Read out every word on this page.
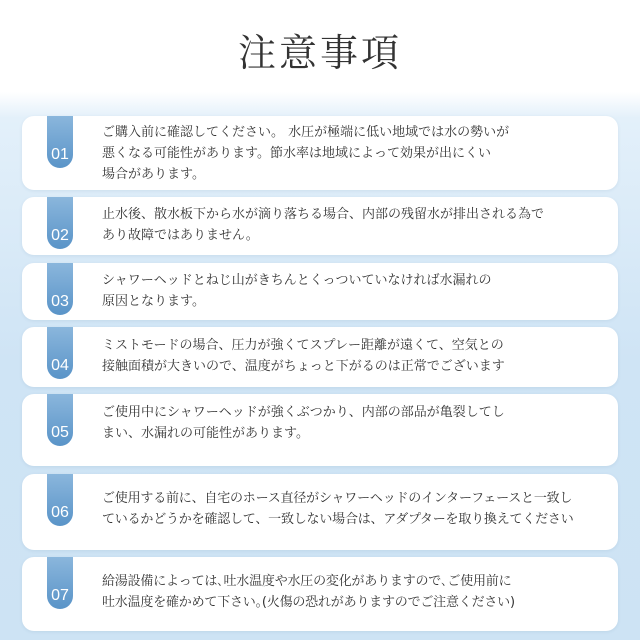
注意事項
01
ご購入前に確認してください。 水圧が極端に低い地域では水の勢いが
悪くなる可能性があります。節水率は地域によって効果が出にくい
場合があります。
02
止水後、散水板下から水が滴り落ちる場合、内部の残留水が排出される為で
あり故障ではありません。
03
シャワーヘッドとねじ山がきちんとくっついていなければ水漏れの
原因となります。
04
ミストモードの場合、圧力が強くてスプレー距離が遠くて、空気との
接触面積が大きいので、温度がちょっと下がるのは正常でございます
05
ご使用中にシャワーヘッドが強くぶつかり、内部の部品が亀裂してし
まい、水漏れの可能性があります。
06
ご使用する前に、自宅のホース直径がシャワーヘッドのインターフェースと一致し
ているかどうかを確認して、一致しない場合は、アダプターを取り換えてください
07
給湯設備によっては､吐水温度や水圧の変化がありますので､ご使用前に
吐水温度を確かめて下さい｡(火傷の恐れがありますのでご注意ください)
